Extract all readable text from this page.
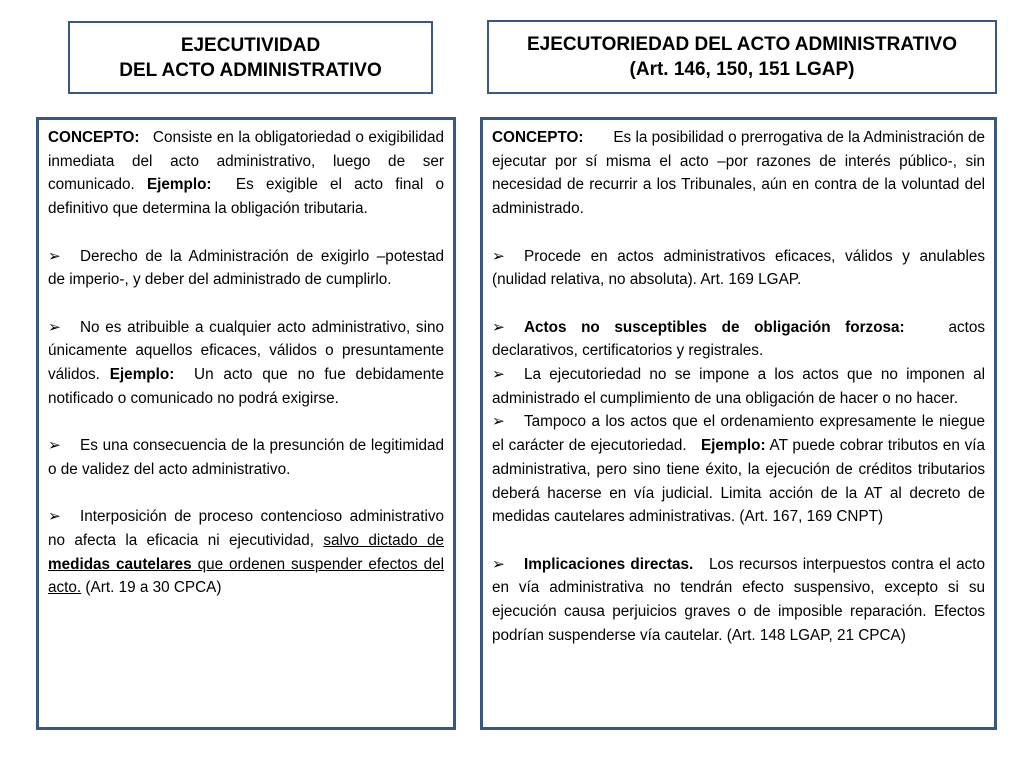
EJECUTIVIDAD
DEL ACTO ADMINISTRATIVO
EJECUTORIEDAD DEL ACTO ADMINISTRATIVO
(Art. 146, 150, 151 LGAP)

CONCEPTO: Consiste en la obligatoriedad o exigibilidad inmediata del acto administrativo, luego de ser comunicado. Ejemplo: Es exigible el acto final o definitivo que determina la obligación tributaria.

➢ Derecho de la Administración de exigirlo –potestad de imperio-, y deber del administrado de cumplirlo.

➢ No es atribuible a cualquier acto administrativo, sino únicamente aquellos eficaces, válidos o presuntamente válidos. Ejemplo: Un acto que no fue debidamente notificado o comunicado no podrá exigirse.

➢ Es una consecuencia de la presunción de legitimidad o de validez del acto administrativo.

➢ Interposición de proceso contencioso administrativo no afecta la eficacia ni ejecutividad, salvo dictado de medidas cautelares que ordenen suspender efectos del acto. (Art. 19 a 30 CPCA)

CONCEPTO: Es la posibilidad o prerrogativa de la Administración de ejecutar por sí misma el acto –por razones de interés público-, sin necesidad de recurrir a los Tribunales, aún en contra de la voluntad del administrado.

➢ Procede en actos administrativos eficaces, válidos y anulables (nulidad relativa, no absoluta). Art. 169 LGAP.

➢ Actos no susceptibles de obligación forzosa:	actos declarativos, certificatorios y registrales.

➢ La ejecutoriedad no se impone a los actos que no imponen al administrado el cumplimiento de una obligación de hacer o no hacer.

➢ Tampoco a los actos que el ordenamiento expresamente le niegue el carácter de ejecutoriedad. Ejemplo: AT puede cobrar tributos en vía administrativa, pero sino tiene éxito, la ejecución de créditos tributarios deberá hacerse en vía judicial. Limita acción de la AT al decreto de medidas cautelares administrativas. (Art. 167, 169 CNPT)

➢ Implicaciones directas. Los recursos interpuestos contra el acto en vía administrativa no tendrán efecto suspensivo, excepto si su ejecución causa perjuicios graves o de imposible reparación. Efectos podrían suspenderse vía cautelar. (Art. 148 LGAP, 21 CPCA)
